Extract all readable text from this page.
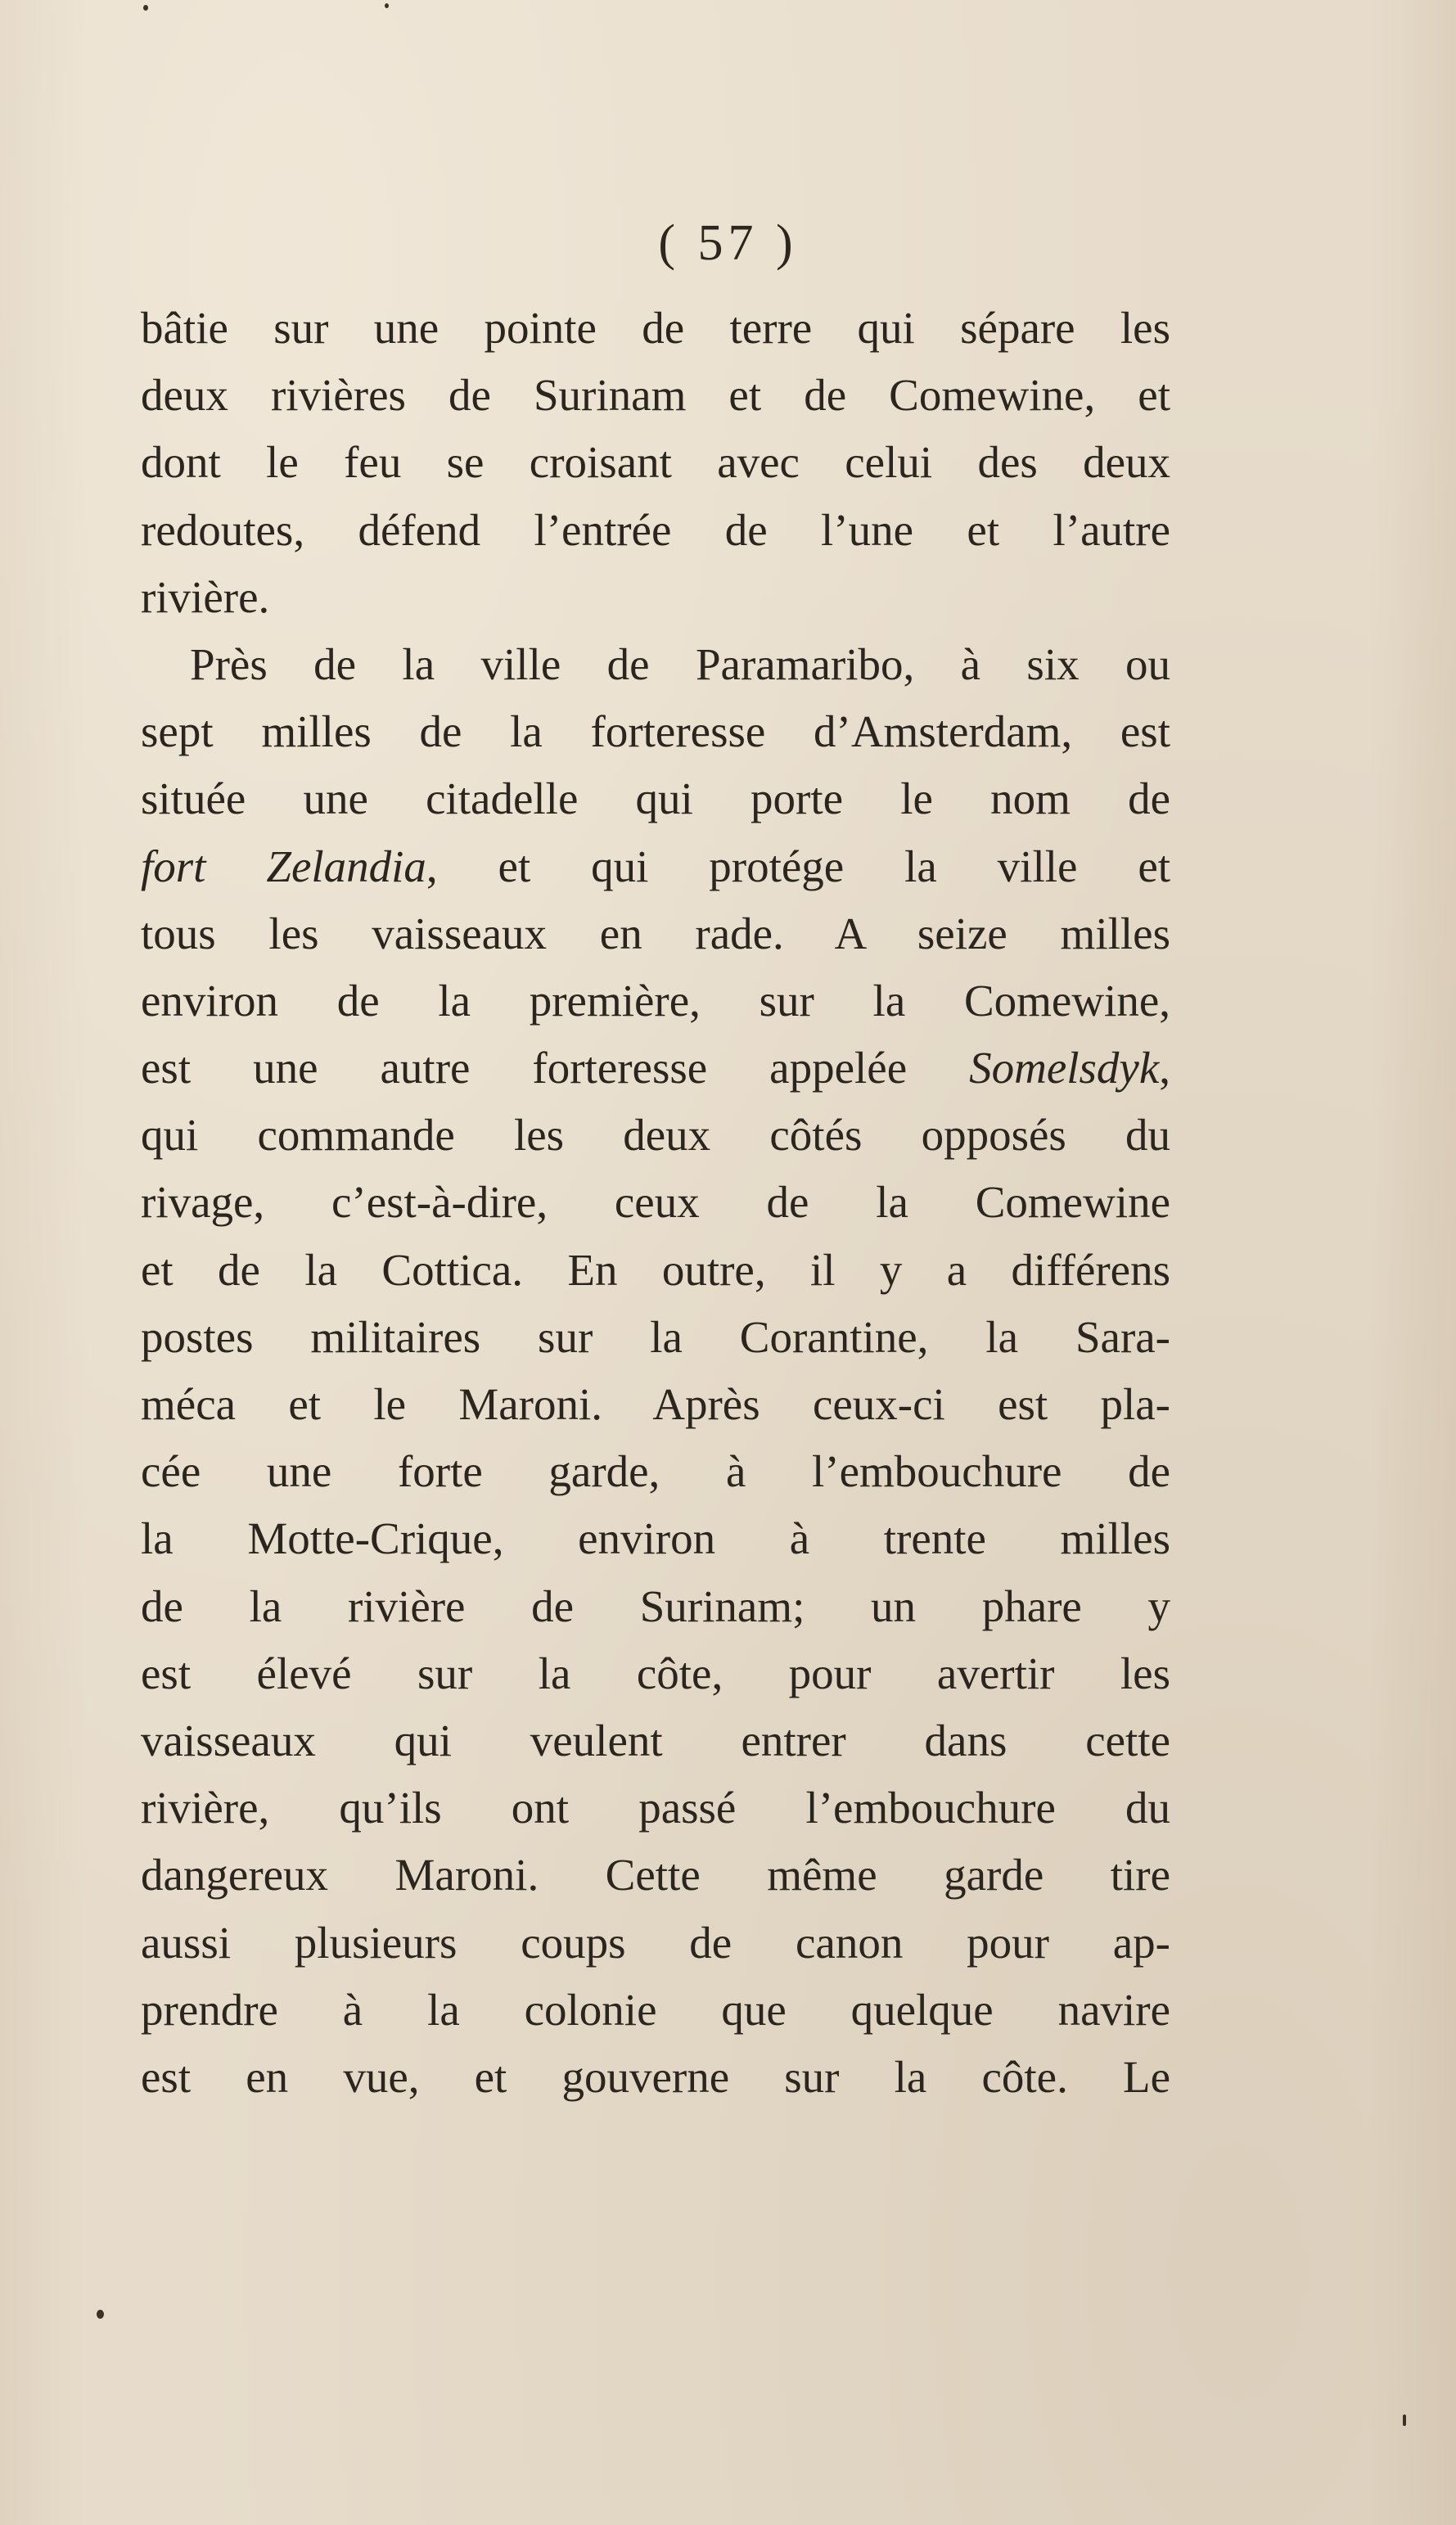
( 57 )
bâtie sur une pointe de terre qui sépare les
deux rivières de Surinam et de Comewine, et
dont le feu se croisant avec celui des deux
redoutes, défend l’entrée de l’une et l’autre
rivière.
Près de la ville de Paramaribo, à six ou
sept milles de la forteresse d’Amsterdam, est
située une citadelle qui porte le nom de
fort Zelandia, et qui protége la ville et
tous les vaisseaux en rade. A seize milles
environ de la première, sur la Comewine,
est une autre forteresse appelée Somelsdyk,
qui commande les deux côtés opposés du
rivage, c’est-à-dire, ceux de la Comewine
et de la Cottica. En outre, il y a différens
postes militaires sur la Corantine, la Sara-
méca et le Maroni. Après ceux-ci est pla-
cée une forte garde, à l’embouchure de
la Motte-Crique, environ à trente milles
de la rivière de Surinam; un phare y
est élevé sur la côte, pour avertir les
vaisseaux qui veulent entrer dans cette
rivière, qu’ils ont passé l’embouchure du
dangereux Maroni. Cette même garde tire
aussi plusieurs coups de canon pour ap-
prendre à la colonie que quelque navire
est en vue, et gouverne sur la côte. Le
